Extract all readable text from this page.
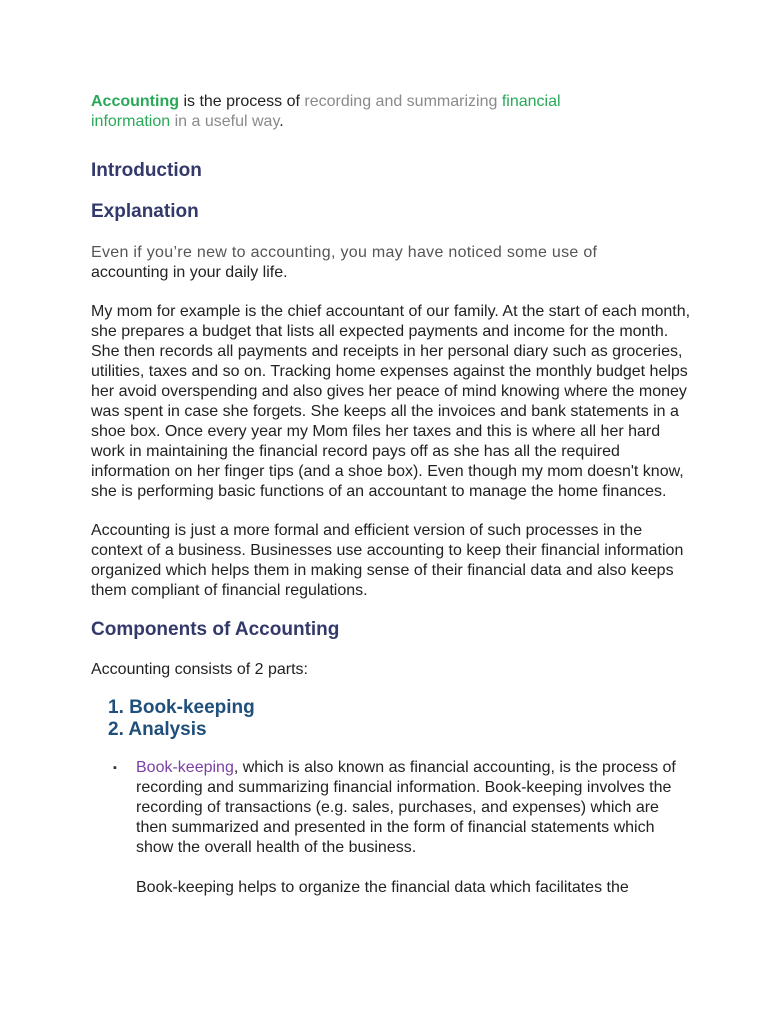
Accounting is the process of recording and summarizing financial
information in a useful way.

Introduction
Explanation

Even if you’re new to accounting, you may have noticed some use of
accounting in your daily life.

My mom for example is the chief accountant of our family. At the start of each month, she prepares a budget that lists all expected payments and income for the month. She then records all payments and receipts in her personal diary such as groceries, utilities, taxes and so on. Tracking home expenses against the monthly budget helps her avoid overspending and also gives her peace of mind knowing where the money was spent in case she forgets. She keeps all the invoices and bank statements in a shoe box. Once every year my Mom files her taxes and this is where all her hard work in maintaining the financial record pays off as she has all the required information on her finger tips (and a shoe box). Even though my mom doesn't know, she is performing basic functions of an accountant to manage the home finances.

Accounting is just a more formal and efficient version of such processes in the context of a business. Businesses use accounting to keep their financial information organized which helps them in making sense of their financial data and also keeps them compliant of financial regulations.

Components of Accounting

Accounting consists of 2 parts:

1. Book-keeping
2. Analysis
▪ Book-keeping, which is also known as financial accounting, is the process of recording and summarizing financial information. Book-keeping involves the recording of transactions (e.g. sales, purchases, and expenses) which are then summarized and presented in the form of financial statements which show the overall health of the business.

Book-keeping helps to organize the financial data which facilitates the
